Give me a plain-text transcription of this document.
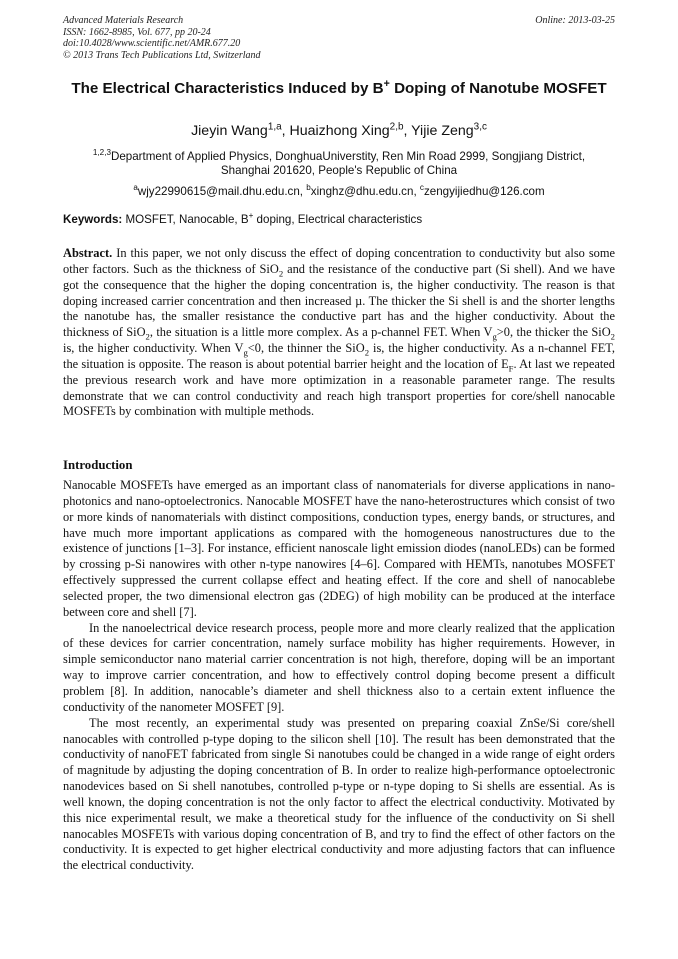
Advanced Materials Research
ISSN: 1662-8985, Vol. 677, pp 20-24
doi:10.4028/www.scientific.net/AMR.677.20
© 2013 Trans Tech Publications Ltd, Switzerland
Online: 2013-03-25
The Electrical Characteristics Induced by B+ Doping of Nanotube MOSFET
Jieyin Wang$^{1,a}$, Huaizhong Xing$^{2,b}$, Yijie Zeng$^{3,c}$
$^{1,2,3}$Department of Applied Physics, DonghuaUniverstity, Ren Min Road 2999, Songjiang District,
Shanghai 201620, People's Republic of China
$^a$wjy22990615@mail.dhu.edu.cn, $^b$xinghz@dhu.edu.cn, $^c$zengyijiedhu@126.com
Keywords: MOSFET, Nanocable, B+ doping, Electrical characteristics
Abstract. In this paper, we not only discuss the effect of doping concentration to conductivity but also some other factors. Such as the thickness of SiO$_2$ and the resistance of the conductive part (Si shell). And we have got the consequence that the higher the doping concentration is, the higher conductivity. The reason is that doping increased carrier concentration and then increased µ. The thicker the Si shell is and the shorter lengths the nanotube has, the smaller resistance the conductive part has and the higher conductivity. About the thickness of SiO$_2$, the situation is a little more complex. As a p-channel FET. When $V_g>0$, the thicker the SiO$_2$ is, the higher conductivity. When $V_g<0$, the thinner the SiO$_2$ is, the higher conductivity. As a n-channel FET, the situation is opposite. The reason is about potential barrier height and the location of $E_F$. At last we repeated the previous research work and have more optimization in a reasonable parameter range. The results demonstrate that we can control conductivity and reach high transport properties for core/shell nanocable MOSFETs by combination with multiple methods.
Introduction

Nanocable MOSFETs have emerged as an important class of nanomaterials for diverse applications in nano-photonics and nano-optoelectronics. Nanocable MOSFET have the nano-heterostructures which consist of two or more kinds of nanomaterials with distinct compositions, conduction types, energy bands, or structures, and have much more important applications as compared with the homogeneous nanostructures due to the existence of junctions [1–3]. For instance, efficient nanoscale light emission diodes (nanoLEDs) can be formed by crossing p-Si nanowires with other n-type nanowires [4–6]. Compared with HEMTs, nanotubes MOSFET effectively suppressed the current collapse effect and heating effect. If the core and shell of nanocablebe selected proper, the two dimensional electron gas (2DEG) of high mobility can be produced at the interface between core and shell [7].

In the nanoelectrical device research process, people more and more clearly realized that the application of these devices for carrier concentration, namely surface mobility has higher requirements. However, in simple semiconductor nano material carrier concentration is not high, therefore, doping will be an important way to improve carrier concentration, and how to effectively control doping become present a difficult problem [8]. In addition, nanocable’s diameter and shell thickness also to a certain extent influence the conductivity of the nanometer MOSFET [9].

The most recently, an experimental study was presented on preparing coaxial ZnSe/Si core/shell nanocables with controlled p-type doping to the silicon shell [10]. The result has been demonstrated that the conductivity of nanoFET fabricated from single Si nanotubes could be changed in a wide range of eight orders of magnitude by adjusting the doping concentration of B. In order to realize high-performance optoelectronic nanodevices based on Si shell nanotubes, controlled p-type or n-type doping to Si shells are essential. As is well known, the doping concentration is not the only factor to affect the electrical conductivity. Motivated by this nice experimental result, we make a theoretical study for the influence of the conductivity on Si shell nanocables MOSFETs with various doping concentration of B, and try to find the effect of other factors on the conductivity. It is expected to get higher electrical conductivity and more adjusting factors that can influence the electrical conductivity.
